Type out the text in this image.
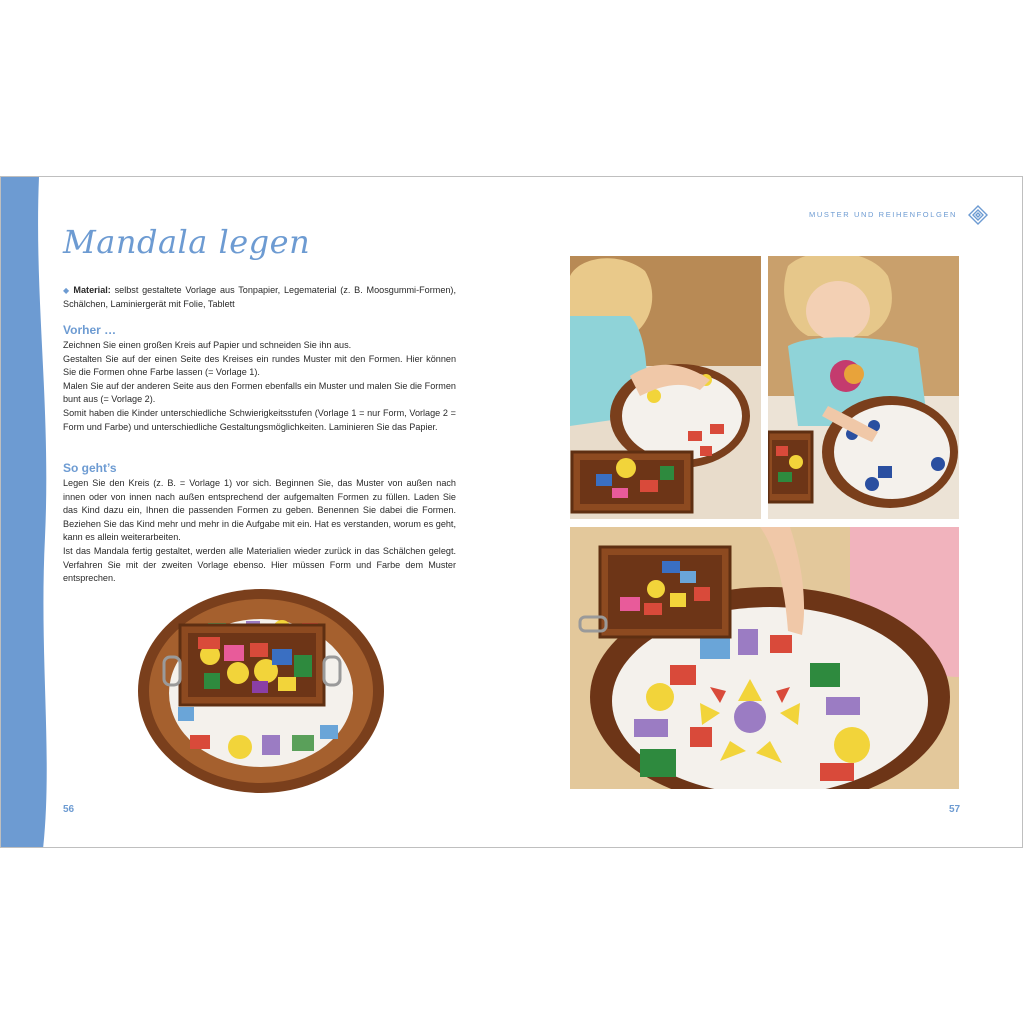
Mandala legen

◆ Material: selbst gestaltete Vorlage aus Tonpapier, Legematerial (z. B. Moosgummi-Formen), Schälchen, Laminiergerät mit Folie, Tablett

Vorher …

Zeichnen Sie einen großen Kreis auf Papier und schneiden Sie ihn aus.

Gestalten Sie auf der einen Seite des Kreises ein rundes Muster mit den Formen. Hier können Sie die Formen ohne Farbe lassen (= Vorlage 1).

Malen Sie auf der anderen Seite aus den Formen ebenfalls ein Muster und malen Sie die Formen bunt aus (= Vorlage 2).

Somit haben die Kinder unterschiedliche Schwierigkeitsstufen (Vorlage 1 = nur Form, Vorlage 2 = Form und Farbe) und unterschiedliche Gestaltungsmöglichkeiten. Laminieren Sie das Papier.

So geht’s

Legen Sie den Kreis (z. B. = Vorlage 1) vor sich. Beginnen Sie, das Muster von außen nach innen oder von innen nach außen entsprechend der aufgemalten Formen zu füllen. Laden Sie das Kind dazu ein, Ihnen die passenden Formen zu geben. Benennen Sie dabei die Formen. Beziehen Sie das Kind mehr und mehr in die Aufgabe mit ein. Hat es verstanden, worum es geht, kann es allein weiterarbeiten.

Ist das Mandala fertig gestaltet, werden alle Materialien wieder zurück in das Schälchen gelegt. Verfahren Sie mit der zweiten Vorlage ebenso. Hier müssen Form und Farbe dem Muster entsprechen.

56
MUSTER UND REIHENFOLGEN
57
